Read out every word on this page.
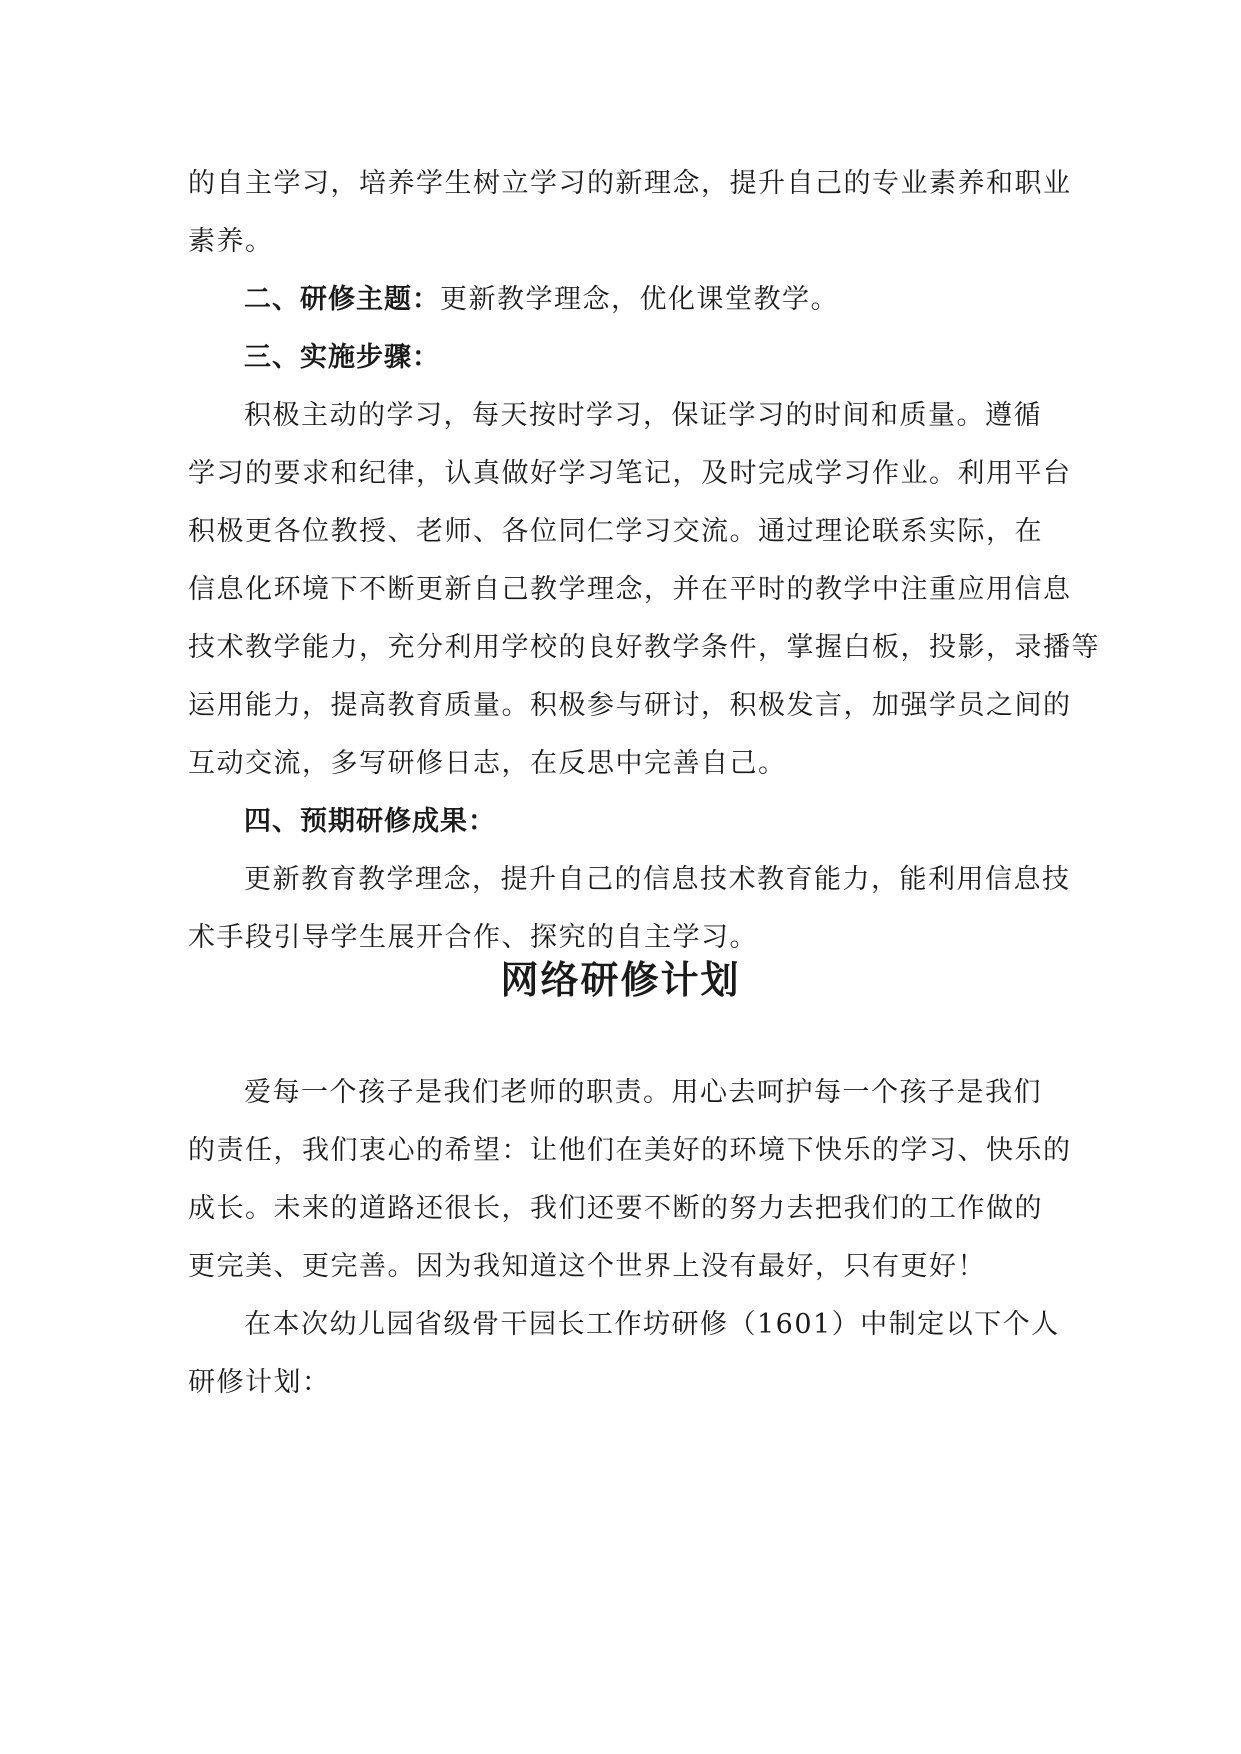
的自主学习，培养学生树立学习的新理念，提升自己的专业素养和职业
素养。
二、研修主题：更新教学理念，优化课堂教学。
三、实施步骤：
积极主动的学习，每天按时学习，保证学习的时间和质量。遵循
学习的要求和纪律，认真做好学习笔记，及时完成学习作业。利用平台
积极更各位教授、老师、各位同仁学习交流。通过理论联系实际，在
信息化环境下不断更新自己教学理念，并在平时的教学中注重应用信息
技术教学能力，充分利用学校的良好教学条件，掌握白板，投影，录播等
运用能力，提高教育质量。积极参与研讨，积极发言，加强学员之间的
互动交流，多写研修日志，在反思中完善自己。
四、预期研修成果：
更新教育教学理念，提升自己的信息技术教育能力，能利用信息技
术手段引导学生展开合作、探究的自主学习。
网络研修计划
爱每一个孩子是我们老师的职责。用心去呵护每一个孩子是我们
的责任，我们衷心的希望：让他们在美好的环境下快乐的学习、快乐的
成长。未来的道路还很长，我们还要不断的努力去把我们的工作做的
更完美、更完善。因为我知道这个世界上没有最好，只有更好！
在本次幼儿园省级骨干园长工作坊研修（1601）中制定以下个人
研修计划：
